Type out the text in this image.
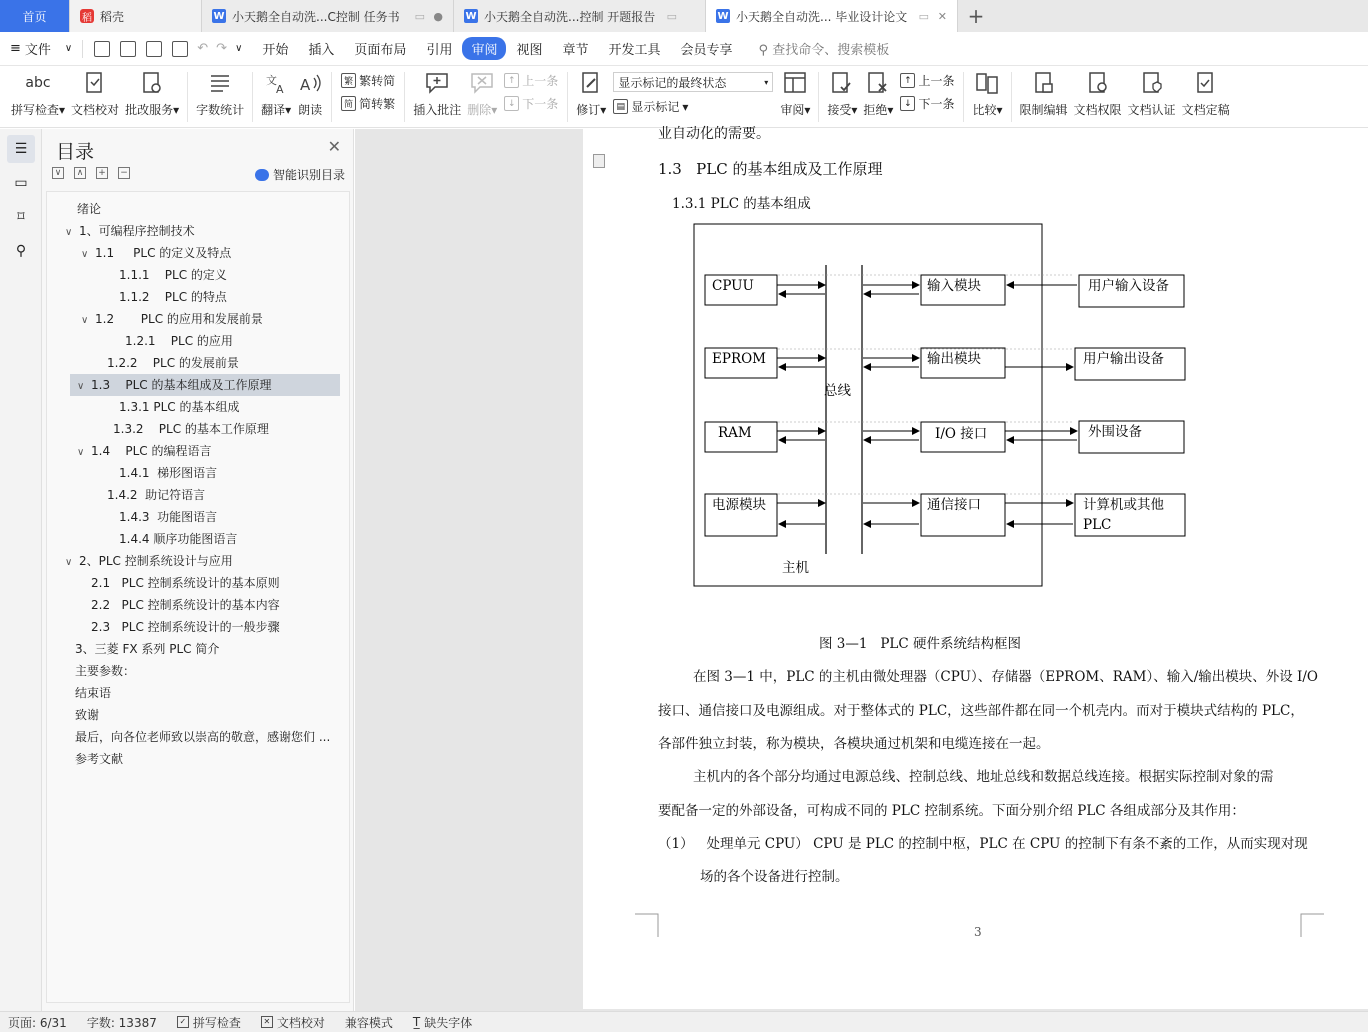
首页	稻 稻壳	W 小天鹅全自动洗...C控制 任务书 ▭ ● W 小天鹅全自动洗...控制 开题报告 ▭	W 小天鹅全自动洗... 毕业设计论文 ▭ ✕ +
≡ 文件	∨	↶ ↷ ∨	开始	插入	页面布局	引用	审阅	视图	章节	开发工具	会员专享	⚲ 查找命令、搜索模板
abc
拼写检查▾ 文档校对 批改服务▾ 字数统计
文
A
翻译▾
A
朗读
繁 繁转简
简 简转繁 插入批注 删除▾
↑ 上一条
↓ 下一条 修订▾
显示标记的最终状态	▾
▤ 显示标记 ▾	审阅▾ 接受▾ 拒绝▾
↑ 上一条
↓ 下一条 比较▾ 限制编辑 文档权限 文档认证 文档定稿
☰
▭
⌑
⚲
目录	✕
∨	∧	+ −	智能识别目录
绪论
∨ 1、可编程序控制技术
∨ 1.1     PLC 的定义及特点
1.1.1    PLC 的定义
1.1.2    PLC 的特点
∨ 1.2       PLC 的应用和发展前景
1.2.1    PLC 的应用
1.2.2    PLC 的发展前景
∨ 1.3    PLC 的基本组成及工作原理
1.3.1 PLC 的基本组成
1.3.2    PLC 的基本工作原理
∨ 1.4    PLC 的编程语言
1.4.1  梯形图语言
1.4.2  助记符语言
1.4.3  功能图语言
1.4.4 顺序功能图语言
∨ 2、PLC 控制系统设计与应用
2.1   PLC 控制系统设计的基本原则
2.2   PLC 控制系统设计的基本内容
2.3   PLC 控制系统设计的一般步骤
3、三菱 FX 系列 PLC 简介
主要参数：
结束语
致谢
最后，向各位老师致以崇高的敬意，感谢您们 ...
参考文献
业自动化的需要。
1.3   PLC 的基本组成及工作原理
1.3.1 PLC 的基本组成
CPUU
EPROM
RAM
电源模块
输入模块
输出模块
I/O 接口
通信接口
用户输入设备
用户输出设备
外围设备
计算机或其他
PLC
总线
主机
图 3—1   PLC 硬件系统结构框图
在图 3—1 中，PLC 的主机由微处理器（CPU）、存储器（EPROM、RAM）、输入/输出模块、外设 I/O
接口、通信接口及电源组成。对于整体式的 PLC，这些部件都在同一个机壳内。而对于模块式结构的 PLC，
各部件独立封装，称为模块，各模块通过机架和电缆连接在一起。
主机内的各个部分均通过电源总线、控制总线、地址总线和数据总线连接。根据实际控制对象的需
要配备一定的外部设备，可构成不同的 PLC 控制系统。下面分别介绍 PLC 各组成部分及其作用：
（1）   处理单元 CPU） CPU 是 PLC 的控制中枢，PLC 在 CPU 的控制下有条不紊的工作，从而实现对现
场的各个设备进行控制。
3
页面: 6/31	字数: 13387	✓ 拼写检查	✕ 文档校对	兼容模式	T̲ 缺失字体
